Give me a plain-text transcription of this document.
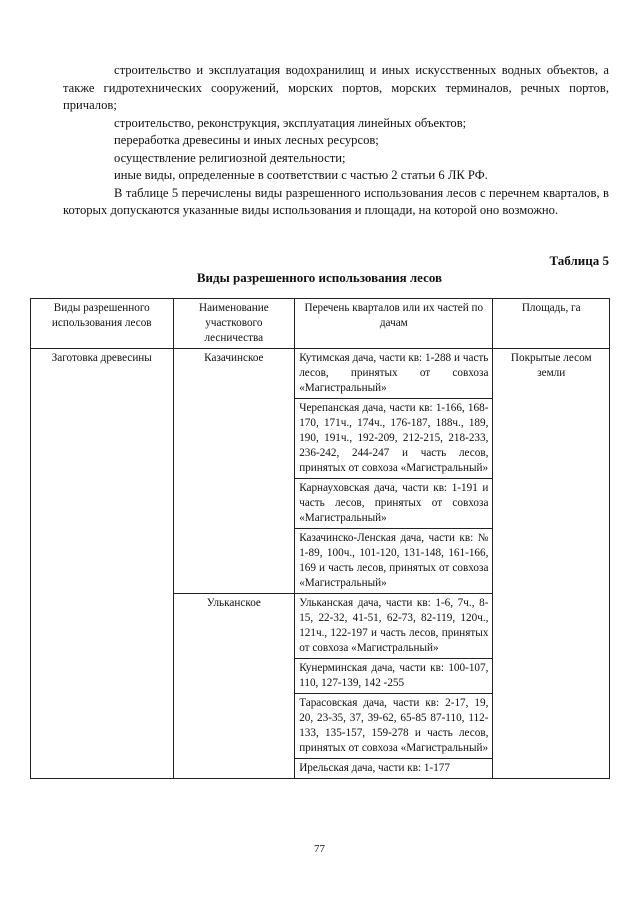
строительство и эксплуатация водохранилищ и иных искусственных водных объектов, а также гидротехнических сооружений, морских портов, морских терминалов, речных портов, причалов;

строительство, реконструкция, эксплуатация линейных объектов;

переработка древесины и иных лесных ресурсов;

осуществление религиозной деятельности;

иные виды, определенные в соответствии с частью 2 статьи 6 ЛК РФ.

В таблице 5 перечислены виды разрешенного использования лесов с перечнем кварталов, в которых допускаются указанные виды использования и площади, на которой оно возможно.

Таблица 5
Виды разрешенного использования лесов
Виды разрешенного использования лесов	Наименование участкового лесничества	Перечень кварталов или их частей по дачам	Площадь, га
Заготовка древесины	Казачинское	Кутимская дача, части кв: 1-288 и часть лесов, принятых от совхоза «Магистральный»	Покрытые лесом земли
		Черепанская дача, части кв: 1-166, 168-170, 171ч., 174ч., 176-187, 188ч., 189, 190, 191ч., 192-209, 212-215, 218-233, 236-242, 244-247 и часть лесов, принятых от совхоза «Магистральный»	
		Карнауховская дача, части кв: 1-191 и часть лесов, принятых от совхоза «Магистральный»	
		Казачинско-Ленская дача, части кв: № 1-89, 100ч., 101-120, 131-148, 161-166, 169 и часть лесов, принятых от совхоза «Магистральный»	
	Ульканское	Ульканская дача, части кв: 1-6, 7ч., 8-15, 22-32, 41-51, 62-73, 82-119, 120ч., 121ч., 122-197 и часть лесов, принятых от совхоза «Магистральный»	
		Кунерминская дача, части кв: 100-107, 110, 127-139, 142 -255	
		Тарасовская дача, части кв: 2-17, 19, 20, 23-35, 37, 39-62, 65-85 87-110, 112-133, 135-157, 159-278 и часть лесов, принятых от совхоза «Магистральный»	
		Ирельская дача, части кв: 1-177	
77
